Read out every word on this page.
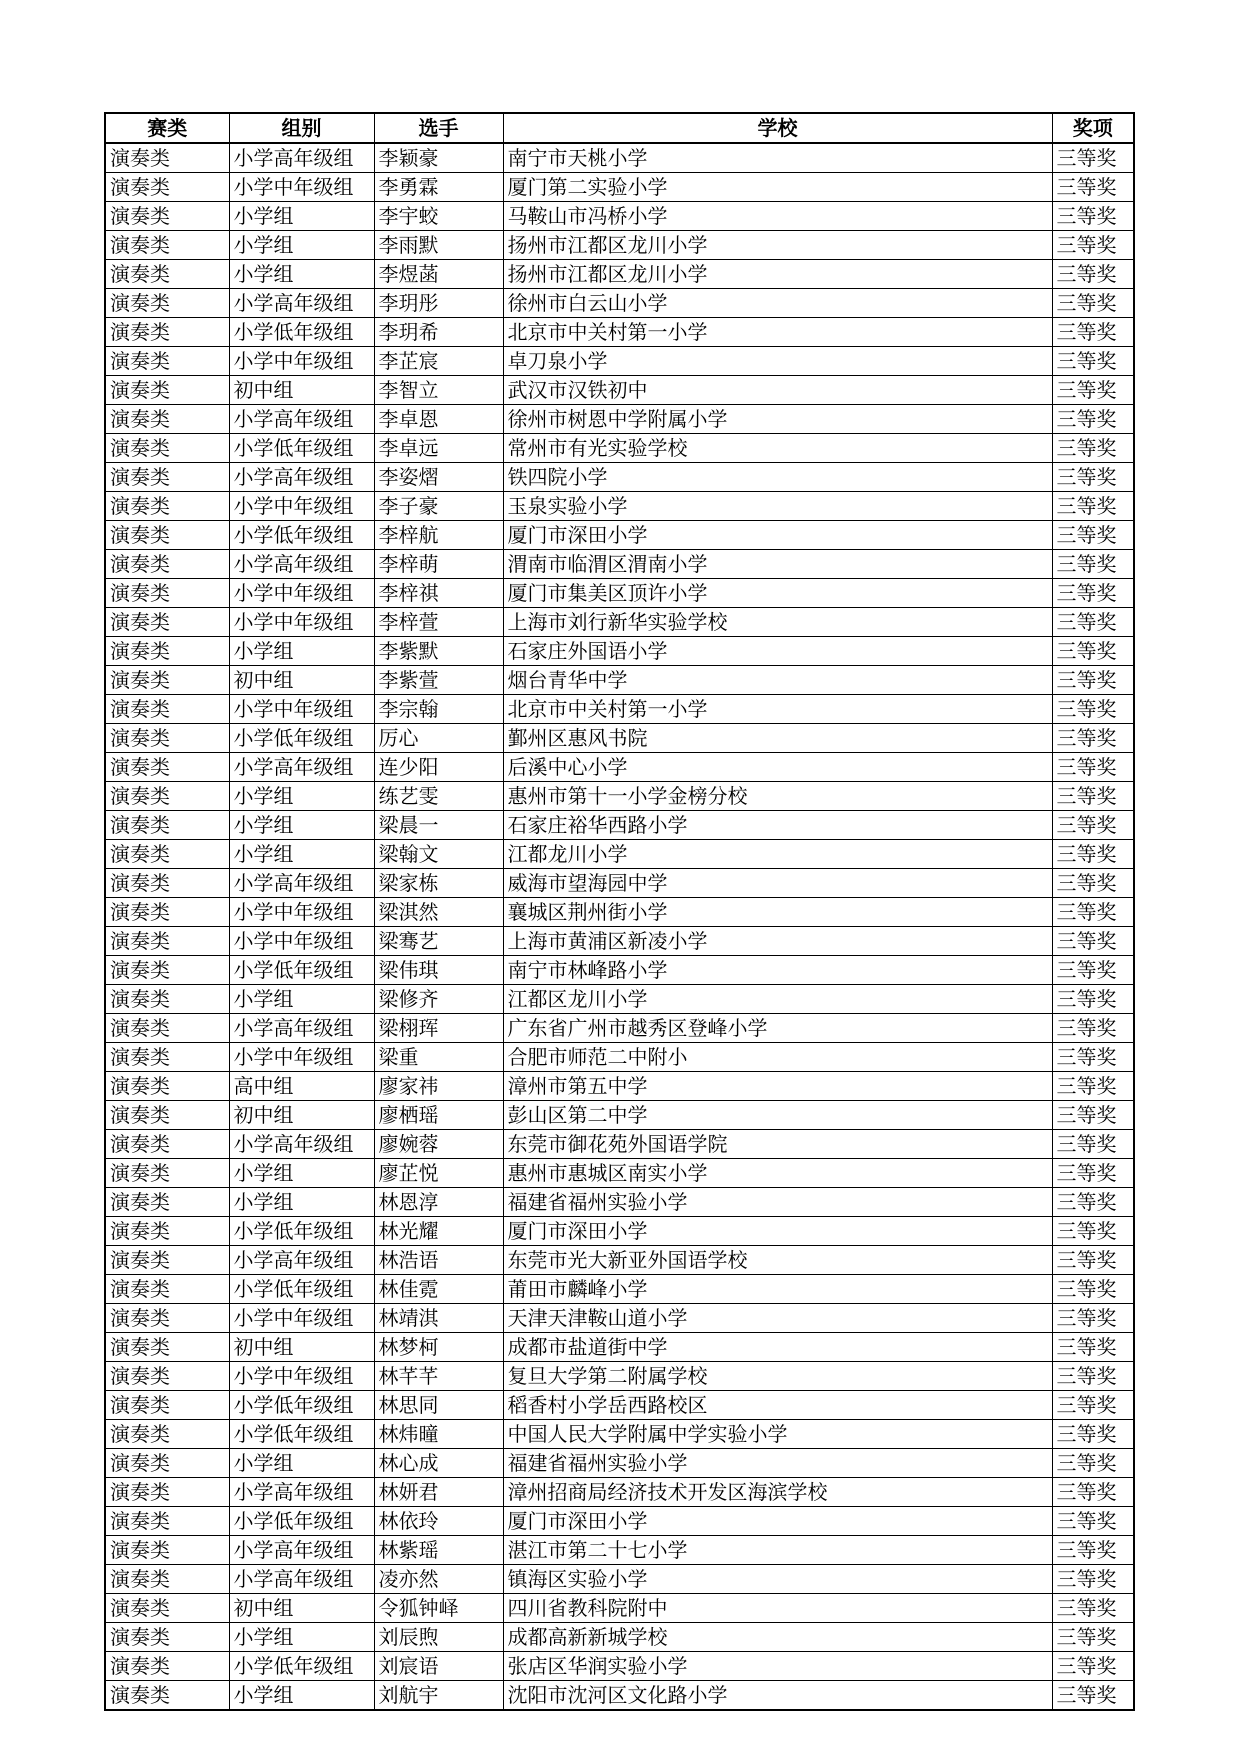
赛类	组别	选手	学校	奖项
演奏类	小学高年级组	李颖豪	南宁市天桃小学	三等奖
演奏类	小学中年级组	李勇霖	厦门第二实验小学	三等奖
演奏类	小学组	李宇蛟	马鞍山市冯桥小学	三等奖
演奏类	小学组	李雨默	扬州市江都区龙川小学	三等奖
演奏类	小学组	李煜菡	扬州市江都区龙川小学	三等奖
演奏类	小学高年级组	李玥彤	徐州市白云山小学	三等奖
演奏类	小学低年级组	李玥希	北京市中关村第一小学	三等奖
演奏类	小学中年级组	李芷宸	卓刀泉小学	三等奖
演奏类	初中组	李智立	武汉市汉铁初中	三等奖
演奏类	小学高年级组	李卓恩	徐州市树恩中学附属小学	三等奖
演奏类	小学低年级组	李卓远	常州市有光实验学校	三等奖
演奏类	小学高年级组	李姿熠	铁四院小学	三等奖
演奏类	小学中年级组	李子豪	玉泉实验小学	三等奖
演奏类	小学低年级组	李梓航	厦门市深田小学	三等奖
演奏类	小学高年级组	李梓萌	渭南市临渭区渭南小学	三等奖
演奏类	小学中年级组	李梓祺	厦门市集美区顶许小学	三等奖
演奏类	小学中年级组	李梓萱	上海市刘行新华实验学校	三等奖
演奏类	小学组	李紫默	石家庄外国语小学	三等奖
演奏类	初中组	李紫萱	烟台青华中学	三等奖
演奏类	小学中年级组	李宗翰	北京市中关村第一小学	三等奖
演奏类	小学低年级组	厉心	鄞州区惠风书院	三等奖
演奏类	小学高年级组	连少阳	后溪中心小学	三等奖
演奏类	小学组	练艺雯	惠州市第十一小学金榜分校	三等奖
演奏类	小学组	梁晨一	石家庄裕华西路小学	三等奖
演奏类	小学组	梁翰文	江都龙川小学	三等奖
演奏类	小学高年级组	梁家栋	威海市望海园中学	三等奖
演奏类	小学中年级组	梁淇然	襄城区荆州街小学	三等奖
演奏类	小学中年级组	梁骞艺	上海市黄浦区新凌小学	三等奖
演奏类	小学低年级组	梁伟琪	南宁市林峰路小学	三等奖
演奏类	小学组	梁修齐	江都区龙川小学	三等奖
演奏类	小学高年级组	梁栩珲	广东省广州市越秀区登峰小学	三等奖
演奏类	小学中年级组	梁重	合肥市师范二中附小	三等奖
演奏类	高中组	廖家祎	漳州市第五中学	三等奖
演奏类	初中组	廖栖瑶	彭山区第二中学	三等奖
演奏类	小学高年级组	廖婉蓉	东莞市御花苑外国语学院	三等奖
演奏类	小学组	廖芷悦	惠州市惠城区南实小学	三等奖
演奏类	小学组	林恩淳	福建省福州实验小学	三等奖
演奏类	小学低年级组	林光耀	厦门市深田小学	三等奖
演奏类	小学高年级组	林浩语	东莞市光大新亚外国语学校	三等奖
演奏类	小学低年级组	林佳霓	莆田市麟峰小学	三等奖
演奏类	小学中年级组	林靖淇	天津天津鞍山道小学	三等奖
演奏类	初中组	林梦柯	成都市盐道街中学	三等奖
演奏类	小学中年级组	林芊芊	复旦大学第二附属学校	三等奖
演奏类	小学低年级组	林思同	稻香村小学岳西路校区	三等奖
演奏类	小学低年级组	林炜曈	中国人民大学附属中学实验小学	三等奖
演奏类	小学组	林心成	福建省福州实验小学	三等奖
演奏类	小学高年级组	林妍君	漳州招商局经济技术开发区海滨学校	三等奖
演奏类	小学低年级组	林依玲	厦门市深田小学	三等奖
演奏类	小学高年级组	林紫瑶	湛江市第二十七小学	三等奖
演奏类	小学高年级组	凌亦然	镇海区实验小学	三等奖
演奏类	初中组	令狐钟峄	四川省教科院附中	三等奖
演奏类	小学组	刘辰煦	成都高新新城学校	三等奖
演奏类	小学低年级组	刘宸语	张店区华润实验小学	三等奖
演奏类	小学组	刘航宇	沈阳市沈河区文化路小学	三等奖
